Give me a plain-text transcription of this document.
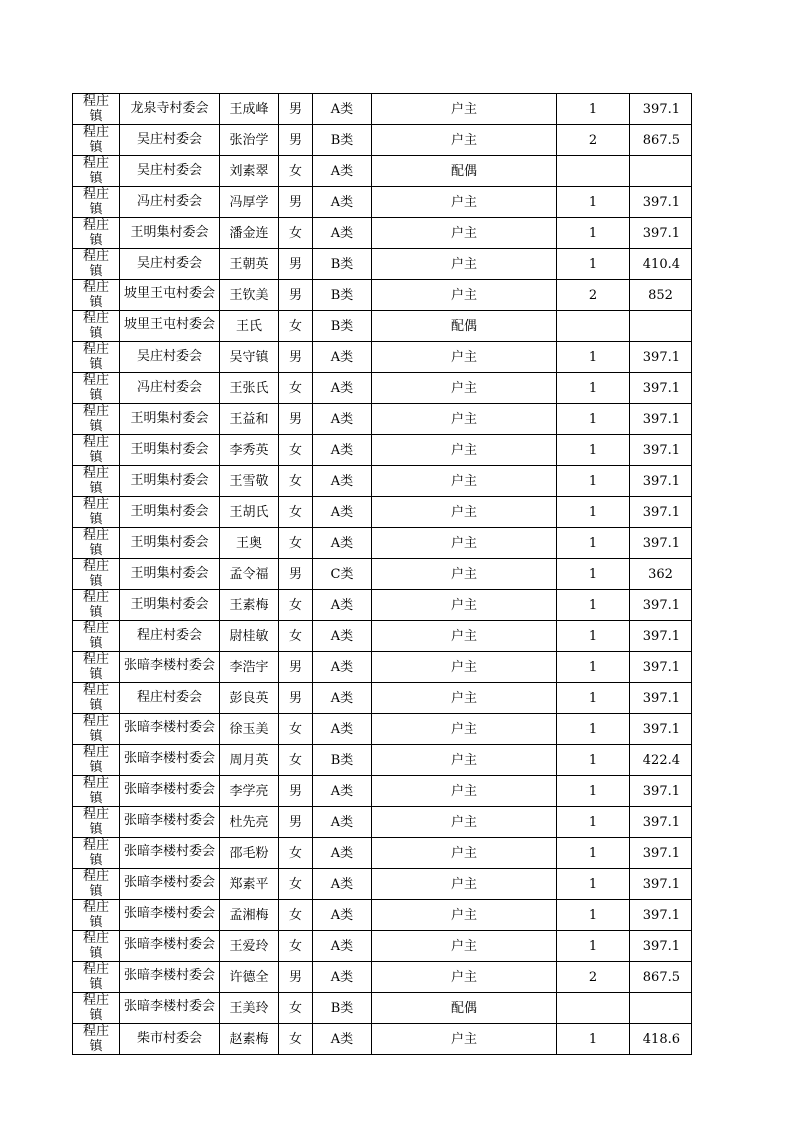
程庄镇	龙泉寺村委会	王成峰	男	A类	户主	1	397.1

程庄镇	吴庄村委会	张治学	男	B类	户主	2	867.5

程庄镇	吴庄村委会	刘素翠	女	A类	配偶		

程庄镇	冯庄村委会	冯厚学	男	A类	户主	1	397.1

程庄镇	王明集村委会	潘金连	女	A类	户主	1	397.1

程庄镇	吴庄村委会	王朝英	男	B类	户主	1	410.4

程庄镇	坡里王屯村委会	王钦美	男	B类	户主	2	852

程庄镇	坡里王屯村委会	王氏	女	B类	配偶		

程庄镇	吴庄村委会	吴守镇	男	A类	户主	1	397.1

程庄镇	冯庄村委会	王张氏	女	A类	户主	1	397.1

程庄镇	王明集村委会	王益和	男	A类	户主	1	397.1

程庄镇	王明集村委会	李秀英	女	A类	户主	1	397.1

程庄镇	王明集村委会	王雪敬	女	A类	户主	1	397.1

程庄镇	王明集村委会	王胡氏	女	A类	户主	1	397.1

程庄镇	王明集村委会	王奥	女	A类	户主	1	397.1

程庄镇	王明集村委会	孟令福	男	C类	户主	1	362

程庄镇	王明集村委会	王素梅	女	A类	户主	1	397.1

程庄镇	程庄村委会	尉桂敏	女	A类	户主	1	397.1

程庄镇	张暗李楼村委会	李浩宇	男	A类	户主	1	397.1

程庄镇	程庄村委会	彭良英	男	A类	户主	1	397.1

程庄镇	张暗李楼村委会	徐玉美	女	A类	户主	1	397.1

程庄镇	张暗李楼村委会	周月英	女	B类	户主	1	422.4

程庄镇	张暗李楼村委会	李学亮	男	A类	户主	1	397.1

程庄镇	张暗李楼村委会	杜先亮	男	A类	户主	1	397.1

程庄镇	张暗李楼村委会	邵毛粉	女	A类	户主	1	397.1

程庄镇	张暗李楼村委会	郑素平	女	A类	户主	1	397.1

程庄镇	张暗李楼村委会	孟湘梅	女	A类	户主	1	397.1

程庄镇	张暗李楼村委会	王爱玲	女	A类	户主	1	397.1

程庄镇	张暗李楼村委会	许德全	男	A类	户主	2	867.5

程庄镇	张暗李楼村委会	王美玲	女	B类	配偶		

程庄镇	柴市村委会	赵素梅	女	A类	户主	1	418.6
